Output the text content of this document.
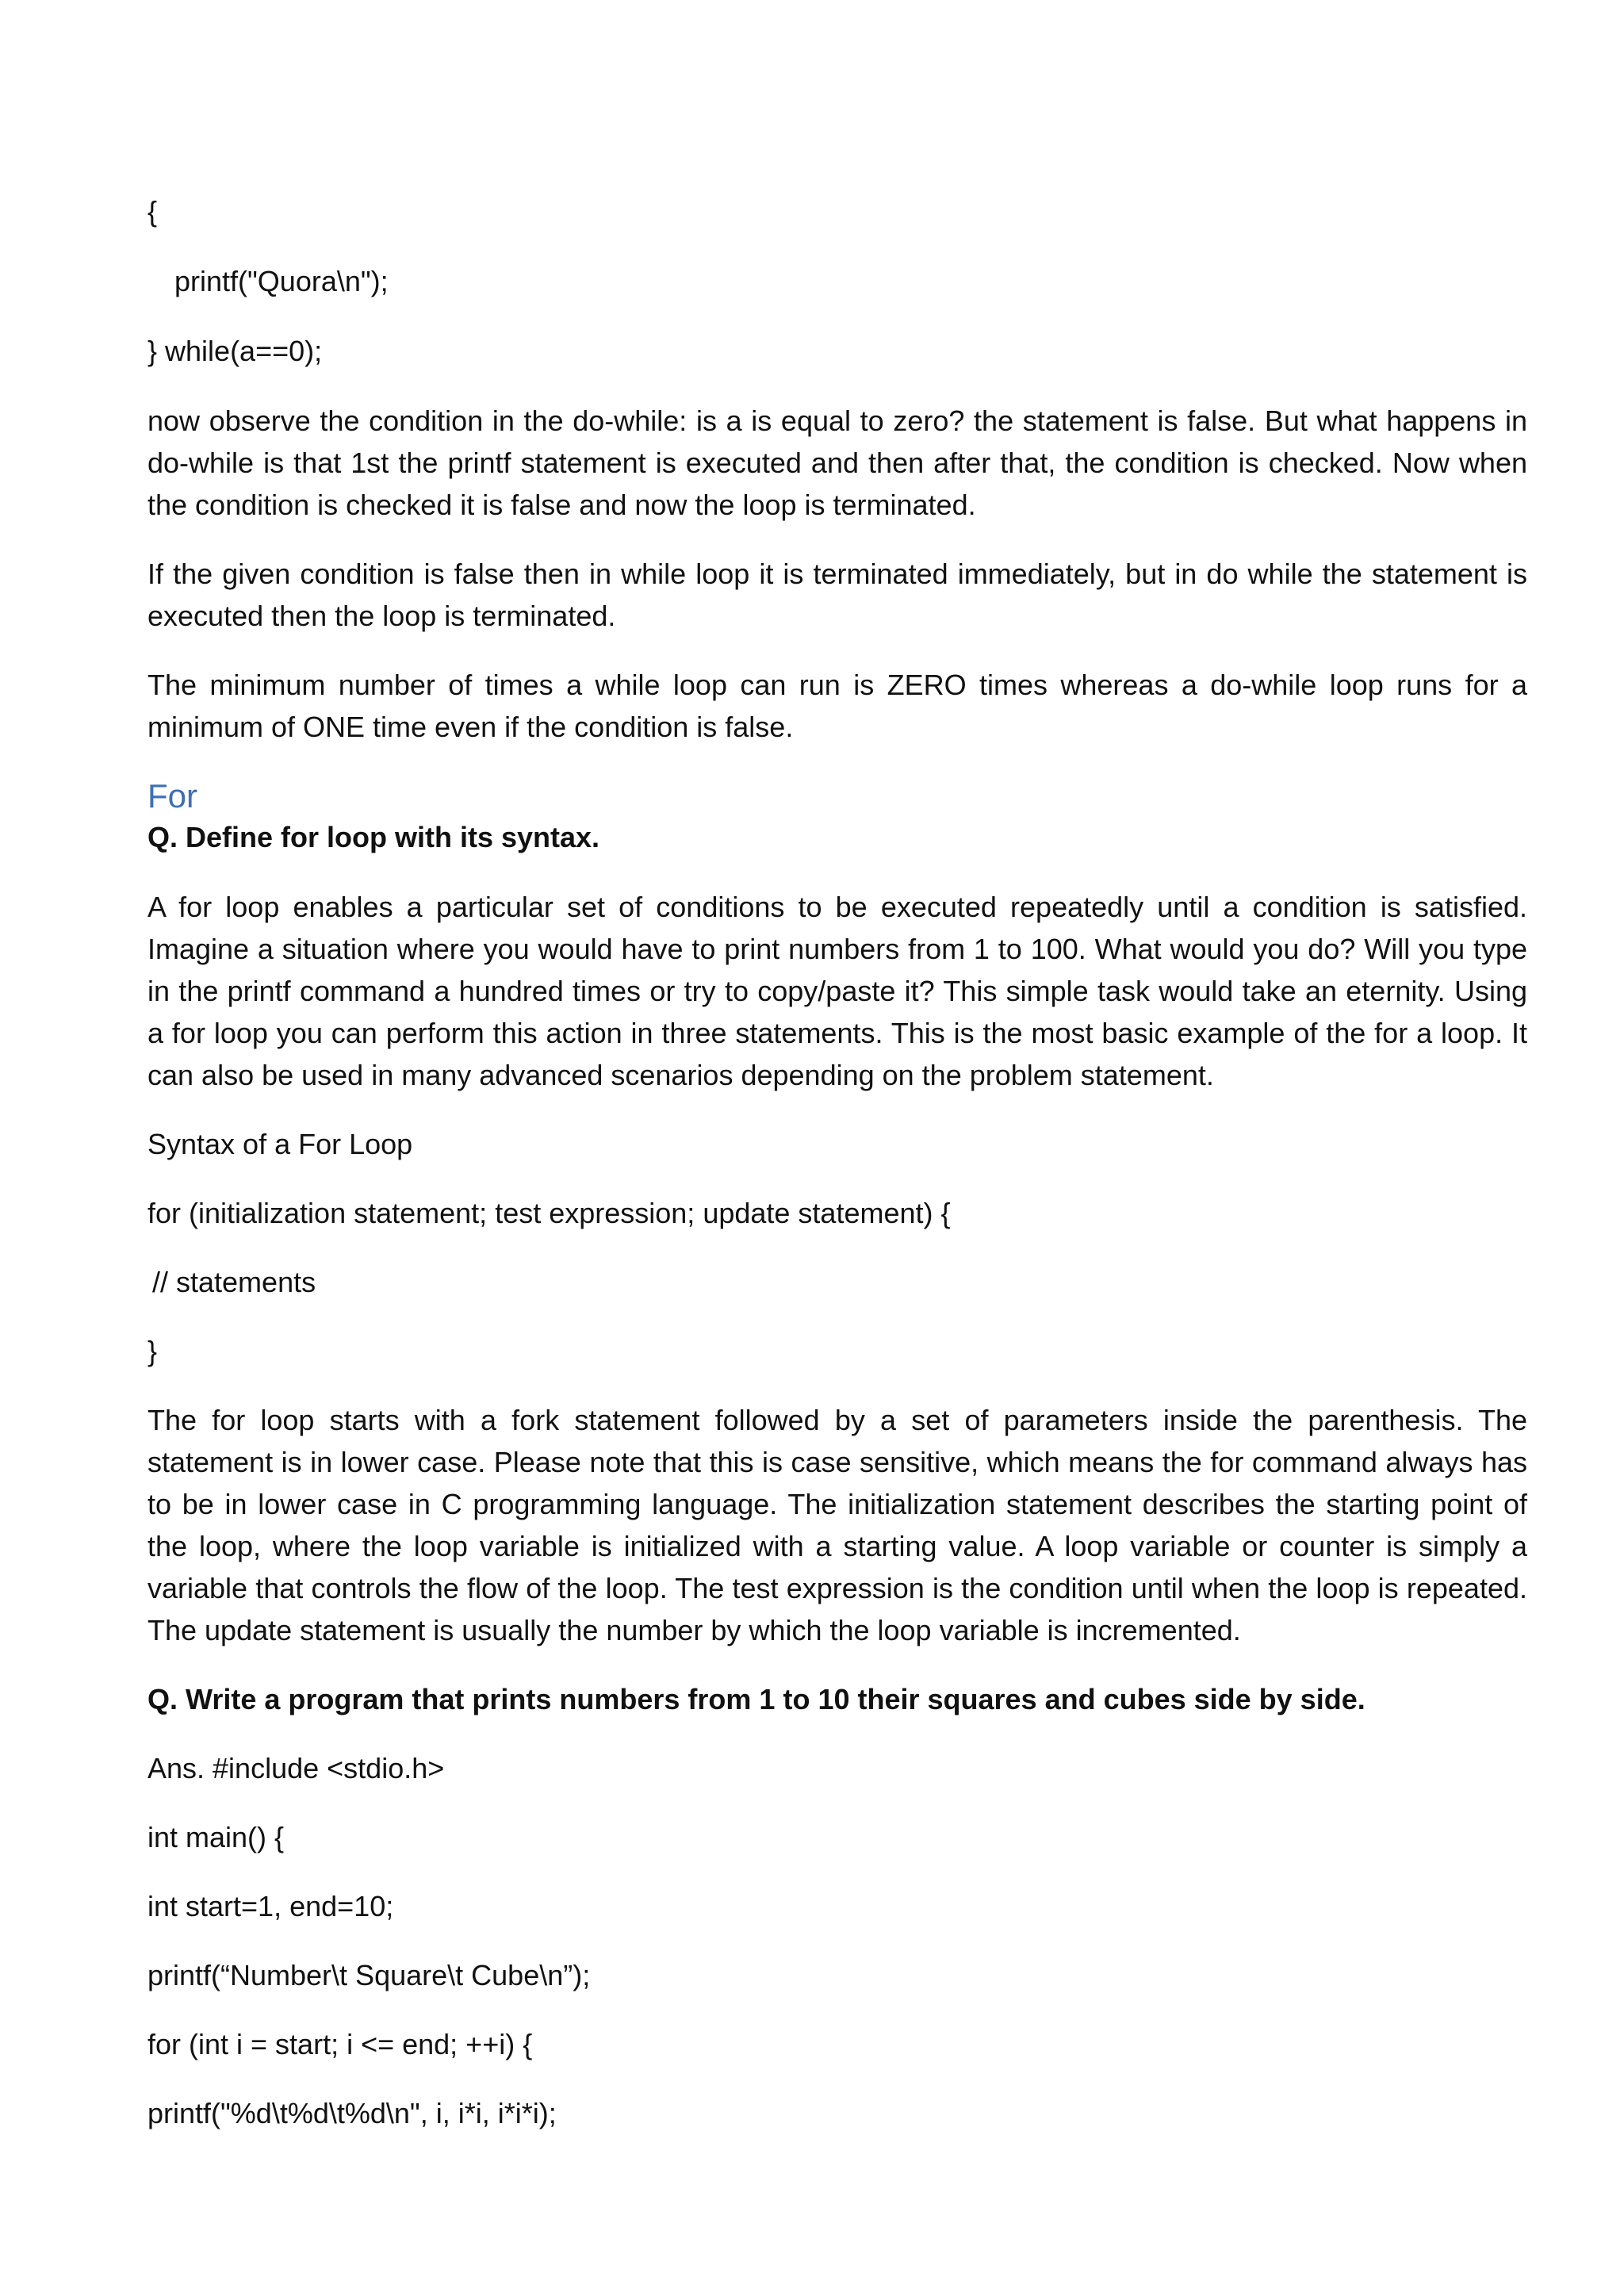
{

printf("Quora\n");

} while(a==0);

now observe the condition in the do-while: is a is equal to zero? the statement is false. But what happens in do-while is that 1st the printf statement is executed and then after that, the condition is checked. Now when the condition is checked it is false and now the loop is terminated.

If the given condition is false then in while loop it is terminated immediately, but in do while the statement is executed then the loop is terminated.

The minimum number of times a while loop can run is ZERO times whereas a do-while loop runs for a minimum of ONE time even if the condition is false.

For

Q. Define for loop with its syntax.

A for loop enables a particular set of conditions to be executed repeatedly until a condition is satisfied. Imagine a situation where you would have to print numbers from 1 to 100. What would you do? Will you type in the printf command a hundred times or try to copy/paste it? This simple task would take an eternity. Using a for loop you can perform this action in three statements. This is the most basic example of the for a loop. It can also be used in many advanced scenarios depending on the problem statement.

Syntax of a For Loop

for (initialization statement; test expression; update statement) {

// statements

}

The for loop starts with a fork statement followed by a set of parameters inside the parenthesis. The statement is in lower case. Please note that this is case sensitive, which means the for command always has to be in lower case in C programming language. The initialization statement describes the starting point of the loop, where the loop variable is initialized with a starting value. A loop variable or counter is simply a variable that controls the flow of the loop. The test expression is the condition until when the loop is repeated. The update statement is usually the number by which the loop variable is incremented.

Q. Write a program that prints numbers from 1 to 10 their squares and cubes side by side.

Ans. #include <stdio.h>

int main() {

int start=1, end=10;

printf(“Number\t Square\t Cube\n”);

for (int i = start; i <= end; ++i) {

printf("%d\t%d\t%d\n", i, i*i, i*i*i);
